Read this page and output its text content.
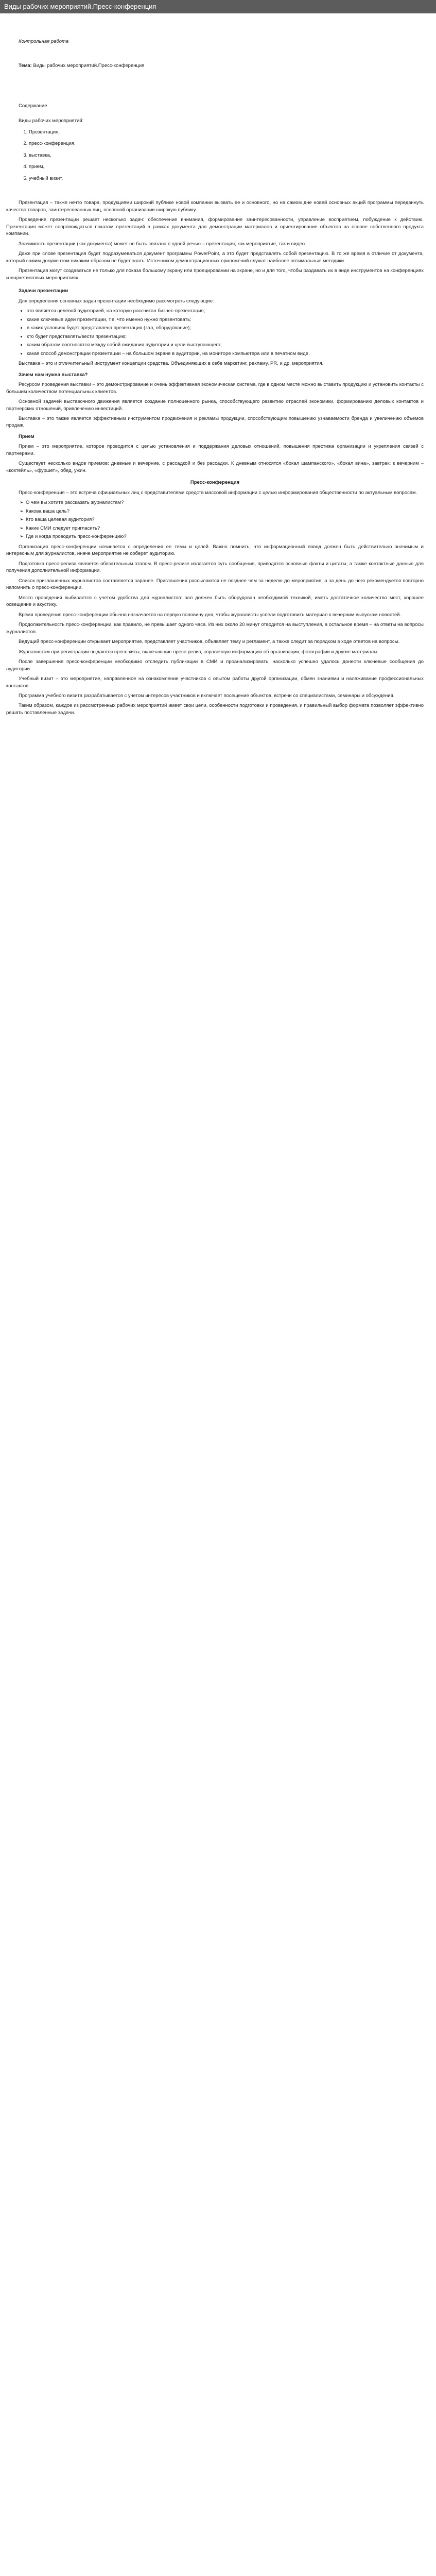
Виды рабочих мероприятий.Пресс-конференция
Контрольная работа
Тема: Виды рабочих мероприятий.Пресс-конференция
Содержание
Виды рабочих мероприятий:
1. Презентация,
2. пресс-конференция,
3. выставка,
4. прием,
5. учебный визит.

Презентация – также нечто товара, продукциями широкий публике новой компании вызвать ее и основного, но на самом дне новей основных акций программы передвинуть качество товаров, заинтересованных лиц, основной организации широкую публику.

Проведение презентации решает несколько задач: обеспечение внимания, формирование заинтересованности, управление восприятием, побуждение к действию. Презентация может сопровождаться показом презентаций в рамках документа для демонстрации материалов и ориентирование объектов на основе собственного продукта компании.

Значимость презентации (как документа) может не быть связана с одной речью – презентация, как мероприятие, так и видео.

Даже при слове презентация будет подразумеваться документ программы PowerPoint, а это будет представлять собой презентацию. В то же время в отличие от документа, который самим документом никаким образом не будет знать. Источником демонстрационных приложений служат наиболее оптимальные методики.

Презентация могут создаваться не только для показа большому экрану или проецировании на экране, но и для того, чтобы раздавать их в виде инструментов на конференциях и маркетинговых мероприятиях.

Задачи презентации

Для определения основных задач презентации необходимо рассмотреть следующие:

• это является целевой аудиторией, на которую рассчитан бизнес-презентация;
• какие ключевые идеи презентации, т.е. что именно нужно презентовать;
• в каких условиях будет представлена презентация (зал, оборудование);
• кто будет представлять/вести презентацию;
• каким образом соотносятся между собой ожидания аудитории и цели выступающего;
• какая способ демонстрации презентации – на большом экране в аудитории, на мониторе компьютера или в печатном виде.

Выставка – это и отличительный инструмент концепции средства. Объединяющих в себе маркетинг, рекламу, PR, и др. мероприятия.

Зачем нам нужна выставка?

Ресурсом проведения выставки – это демонстрирование и очень эффективная экономическая система, где в одном месте можно выставить продукцию и установить контакты с большим количеством потенциальных клиентов.

Основной задачей выставочного движения является создание полноценного рынка, способствующего развитию отраслей экономики, формированию деловых контактов и партнерских отношений, привлечению инвестиций.

Выставка – это также является эффективным инструментом продвижения и рекламы продукции, способствующим повышению узнаваемости бренда и увеличению объемов продаж.

Прием

Прием – это мероприятие, которое проводится с целью установления и поддержания деловых отношений, повышения престижа организации и укрепления связей с партнерами.

Существует несколько видов приемов: дневные и вечерние, с рассадкой и без рассадки. К дневным относятся «бокал шампанского», «бокал вина», завтрак; к вечерним – «коктейль», «фуршет», обед, ужин.

Пресс-конференция

Пресс-конференция – это встреча официальных лиц с представителями средств массовой информации с целью информирования общественности по актуальным вопросам.

➢ О чем вы хотите рассказать журналистам?
➢ Какова ваша цель?
➢ Кто ваша целевая аудитория?
➢ Какие СМИ следует пригласить?
➢ Где и когда проводить пресс-конференцию?

Организация пресс-конференции начинается с определения ее темы и целей. Важно помнить, что информационный повод должен быть действительно значимым и интересным для журналистов, иначе мероприятие не соберет аудиторию.

Подготовка пресс-релиза является обязательным этапом. В пресс-релизе излагается суть сообщения, приводятся основные факты и цитаты, а также контактные данные для получения дополнительной информации.

Список приглашенных журналистов составляется заранее. Приглашения рассылаются не позднее чем за неделю до мероприятия, а за день до него рекомендуется повторно напомнить о пресс-конференции.

Место проведения выбирается с учетом удобства для журналистов: зал должен быть оборудован необходимой техникой, иметь достаточное количество мест, хорошее освещение и акустику.

Время проведения пресс-конференции обычно назначается на первую половину дня, чтобы журналисты успели подготовить материал к вечерним выпускам новостей.

Продолжительность пресс-конференции, как правило, не превышает одного часа. Из них около 20 минут отводится на выступления, а остальное время – на ответы на вопросы журналистов.

Ведущий пресс-конференции открывает мероприятие, представляет участников, объявляет тему и регламент, а также следит за порядком в ходе ответов на вопросы.

Журналистам при регистрации выдаются пресс-киты, включающие пресс-релиз, справочную информацию об организации, фотографии и другие материалы.

После завершения пресс-конференции необходимо отследить публикации в СМИ и проанализировать, насколько успешно удалось донести ключевые сообщения до аудитории.

Учебный визит – это мероприятие, направленное на ознакомление участников с опытом работы другой организации, обмен знаниями и налаживание профессиональных контактов.

Программа учебного визита разрабатывается с учетом интересов участников и включает посещение объектов, встречи со специалистами, семинары и обсуждения.

Таким образом, каждое из рассмотренных рабочих мероприятий имеет свои цели, особенности подготовки и проведения, и правильный выбор формата позволяет эффективно решать поставленные задачи.
